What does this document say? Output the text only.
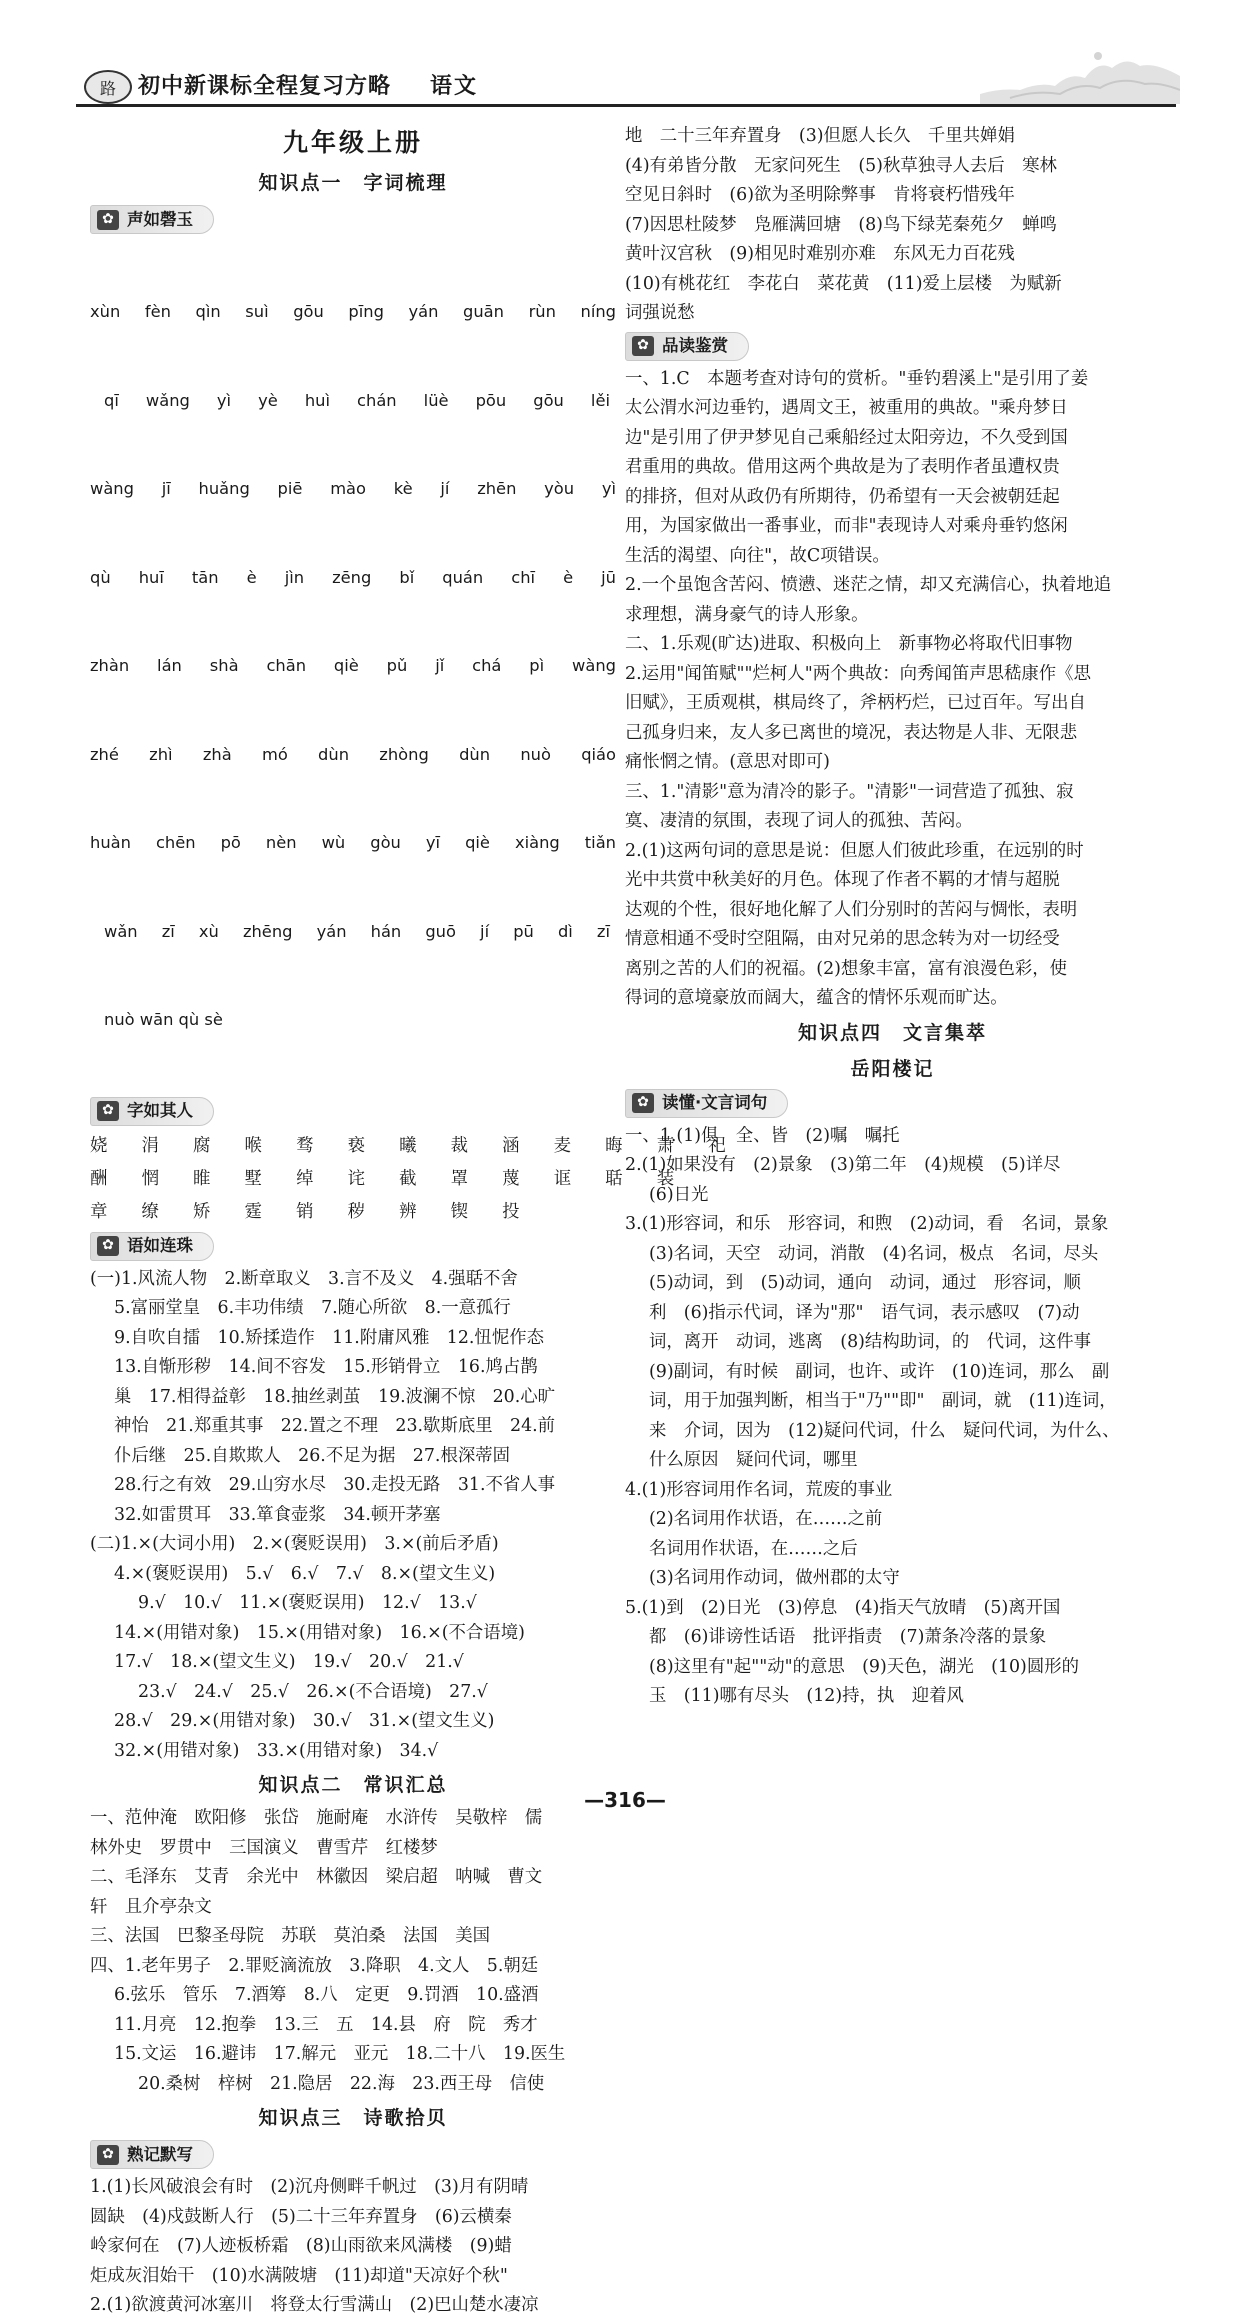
路 初中新课标全程复习方略 语文
九年级上册
知识点一　字词梳理
✿ 声如磬玉

xùn fèn qìn suì gōu pīng yán guān rùn níng

qī wǎng yì yè huì chán lüè pōu gōu lěi

wàng jī huǎng piē mào kè jí zhēn yòu yì

qù huī tān è jìn zēng bǐ quán chī è jū

zhàn lán shà chān qiè pǔ jǐ chá pì wàng

zhé zhì zhà mó dùn zhòng dùn nuò qiáo

huàn chēn pō nèn wù gòu yī qiè xiàng tiǎn

wǎn zī xù zhēng yán hán guō jí pū dì zī

nuò wān qù sè

✿ 字如其人
娆 涓 腐 喉 骛 亵 曦 裁 涵 麦 晦 萧 祀
酬 惘 睢 墅 绰 诧 截 罩 蔑 诓 聒 装
章 缭 矫 霆 销 秽 辨 锲 投
✿ 语如连珠

(一)1.风流人物　2.断章取义　3.言不及义　4.强聒不舍

5.富丽堂皇　6.丰功伟绩　7.随心所欲　8.一意孤行

9.自吹自擂　10.矫揉造作　11.附庸风雅　12.忸怩作态

13.自惭形秽　14.间不容发　15.形销骨立　16.鸠占鹊

巢　17.相得益彰　18.抽丝剥茧　19.波澜不惊　20.心旷

神怡　21.郑重其事　22.置之不理　23.歇斯底里　24.前

仆后继　25.自欺欺人　26.不足为据　27.根深蒂固

28.行之有效　29.山穷水尽　30.走投无路　31.不省人事

32.如雷贯耳　33.箪食壶浆　34.顿开茅塞

(二)1.×(大词小用)　2.×(褒贬误用)　3.×(前后矛盾)

4.×(褒贬误用)　5.√　6.√　7.√　8.×(望文生义)

9.√　10.√　11.×(褒贬误用)　12.√　13.√

14.×(用错对象)　15.×(用错对象)　16.×(不合语境)

17.√　18.×(望文生义)　19.√　20.√　21.√

23.√　24.√　25.√　26.×(不合语境)　27.√

28.√　29.×(用错对象)　30.√　31.×(望文生义)

32.×(用错对象)　33.×(用错对象)　34.√

知识点二　常识汇总

一、范仲淹　欧阳修　张岱　施耐庵　水浒传　吴敬梓　儒

林外史　罗贯中　三国演义　曹雪芹　红楼梦

二、毛泽东　艾青　余光中　林徽因　梁启超　呐喊　曹文

轩　且介亭杂文

三、法国　巴黎圣母院　苏联　莫泊桑　法国　美国

四、1.老年男子　2.罪贬滴流放　3.降职　4.文人　5.朝廷

6.弦乐　管乐　7.酒筹　8.八　定更　9.罚酒　10.盛酒

11.月亮　12.抱拳　13.三　五　14.县　府　院　秀才

15.文运　16.避讳　17.解元　亚元　18.二十八　19.医生

20.桑树　梓树　21.隐居　22.海　23.西王母　信使

知识点三　诗歌拾贝
✿ 熟记默写

1.(1)长风破浪会有时　(2)沉舟侧畔千帆过　(3)月有阴晴

圆缺　(4)戍鼓断人行　(5)二十三年弃置身　(6)云横秦

岭家何在　(7)人迹板桥霜　(8)山雨欲来风满楼　(9)蜡

炬成灰泪始干　(10)水满陂塘　(11)却道"天凉好个秋"

2.(1)欲渡黄河冰塞川　将登太行雪满山　(2)巴山楚水凄凉

地　二十三年弃置身　(3)但愿人长久　千里共婵娟

(4)有弟皆分散　无家问死生　(5)秋草独寻人去后　寒林

空见日斜时　(6)欲为圣明除弊事　肯将衰朽惜残年

(7)因思杜陵梦　凫雁满回塘　(8)鸟下绿芜秦苑夕　蝉鸣

黄叶汉宫秋　(9)相见时难别亦难　东风无力百花残

(10)有桃花红　李花白　菜花黄　(11)爱上层楼　为赋新

词强说愁

✿ 品读鉴赏

一、1.C　本题考查对诗句的赏析。"垂钓碧溪上"是引用了姜

太公渭水河边垂钓，遇周文王，被重用的典故。"乘舟梦日

边"是引用了伊尹梦见自己乘船经过太阳旁边，不久受到国

君重用的典故。借用这两个典故是为了表明作者虽遭权贵

的排挤，但对从政仍有所期待，仍希望有一天会被朝廷起

用，为国家做出一番事业，而非"表现诗人对乘舟垂钓悠闲

生活的渴望、向往"，故C项错误。

2.一个虽饱含苦闷、愤懑、迷茫之情，却又充满信心，执着地追

求理想，满身豪气的诗人形象。

二、1.乐观(旷达)进取、积极向上　新事物必将取代旧事物

2.运用"闻笛赋""烂柯人"两个典故：向秀闻笛声思嵇康作《思

旧赋》，王质观棋，棋局终了，斧柄朽烂，已过百年。写出自

己孤身归来，友人多已离世的境况，表达物是人非、无限悲

痛怅惘之情。(意思对即可)

三、1."清影"意为清冷的影子。"清影"一词营造了孤独、寂

寞、凄清的氛围，表现了词人的孤独、苦闷。

2.(1)这两句词的意思是说：但愿人们彼此珍重，在远别的时

光中共赏中秋美好的月色。体现了作者不羁的才情与超脱

达观的个性，很好地化解了人们分别时的苦闷与惆怅，表明

情意相通不受时空阻隔，由对兄弟的思念转为对一切经受

离别之苦的人们的祝福。(2)想象丰富，富有浪漫色彩，使

得词的意境豪放而阔大，蕴含的情怀乐观而旷达。

知识点四　文言集萃
岳阳楼记
✿ 读懂·文言词句

一、1.(1)俱　全、皆　(2)嘱　嘱托

2.(1)如果没有　(2)景象　(3)第二年　(4)规模　(5)详尽

(6)日光

3.(1)形容词，和乐　形容词，和煦　(2)动词，看　名词，景象

(3)名词，天空　动词，消散　(4)名词，极点　名词，尽头

(5)动词，到　(5)动词，通向　动词，通过　形容词，顺

利　(6)指示代词，译为"那"　语气词，表示感叹　(7)动

词，离开　动词，逃离　(8)结构助词，的　代词，这件事

(9)副词，有时候　副词，也许、或许　(10)连词，那么　副

词，用于加强判断，相当于"乃""即"　副词，就　(11)连词，

来　介词，因为　(12)疑问代词，什么　疑问代词，为什么、

什么原因　疑问代词，哪里

4.(1)形容词用作名词，荒废的事业

(2)名词用作状语，在……之前

名词用作状语，在……之后

(3)名词用作动词，做州郡的太守

5.(1)到　(2)日光　(3)停息　(4)指天气放晴　(5)离开国

都　(6)诽谤性话语　批评指责　(7)萧条冷落的景象

(8)这里有"起""动"的意思　(9)天色，湖光　(10)圆形的

玉　(11)哪有尽头　(12)持，执　迎着风

—316—
